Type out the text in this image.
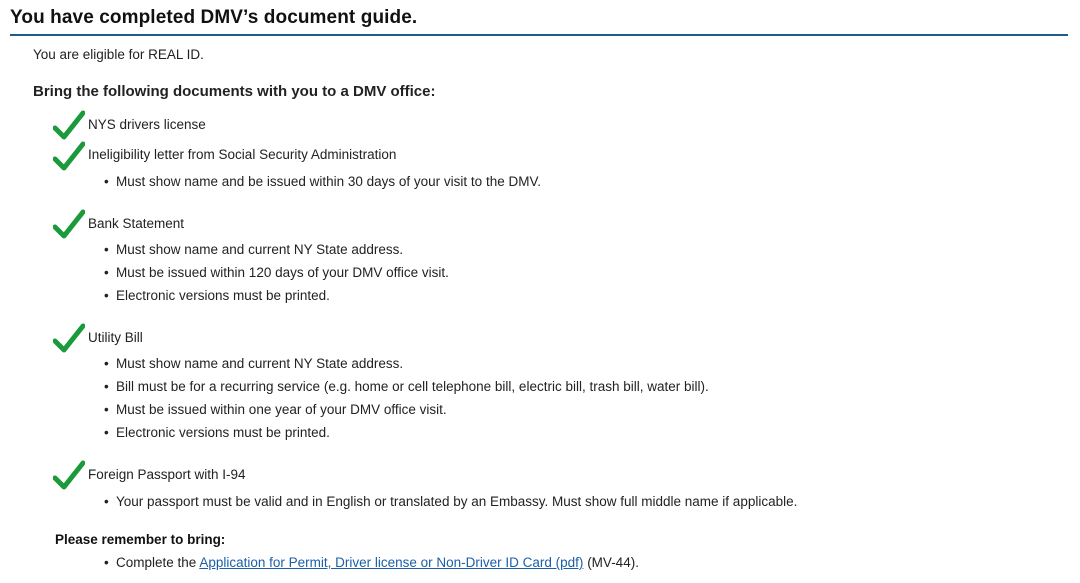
You have completed DMV’s document guide.
You are eligible for REAL ID.
Bring the following documents with you to a DMV office:
NYS drivers license
Ineligibility letter from Social Security Administration
• Must show name and be issued within 30 days of your visit to the DMV.
Bank Statement
• Must show name and current NY State address.
• Must be issued within 120 days of your DMV office visit.
• Electronic versions must be printed.
Utility Bill
• Must show name and current NY State address.
• Bill must be for a recurring service (e.g. home or cell telephone bill, electric bill, trash bill, water bill).
• Must be issued within one year of your DMV office visit.
• Electronic versions must be printed.
Foreign Passport with I-94
• Your passport must be valid and in English or translated by an Embassy. Must show full middle name if applicable.
Please remember to bring:
• Complete the Application for Permit, Driver license or Non-Driver ID Card (pdf) (MV-44).
